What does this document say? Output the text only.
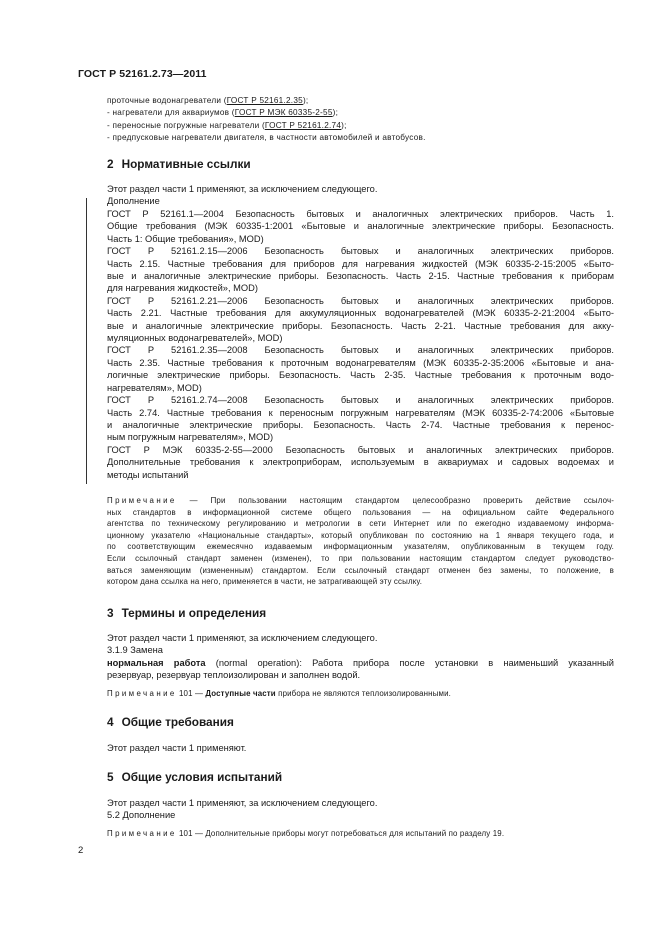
ГОСТ Р 52161.2.73—2011
проточные водонагреватели (ГОСТ Р 52161.2.35);
- нагреватели для аквариумов (ГОСТ Р МЭК 60335-2-55);
- переносные погружные нагреватели (ГОСТ Р 52161.2.74);
- предпусковые нагреватели двигателя, в частности автомобилей и автобусов.
2 Нормативные ссылки
Этот раздел части 1 применяют, за исключением следующего.
Дополнение
ГОСТ Р 52161.1—2004 Безопасность бытовых и аналогичных электрических приборов. Часть 1.
Общие требования (МЭК 60335-1:2001 «Бытовые и аналогичные электрические приборы. Безопасность.
Часть 1: Общие требования», MOD)
ГОСТ Р 52161.2.15—2006 Безопасность бытовых и аналогичных электрических приборов.
Часть 2.15. Частные требования для приборов для нагревания жидкостей (МЭК 60335-2-15:2005 «Быто-
вые и аналогичные электрические приборы. Безопасность. Часть 2-15. Частные требования к приборам
для нагревания жидкостей», MOD)
ГОСТ Р 52161.2.21—2006 Безопасность бытовых и аналогичных электрических приборов.
Часть 2.21. Частные требования для аккумуляционных водонагревателей (МЭК 60335-2-21:2004 «Быто-
вые и аналогичные электрические приборы. Безопасность. Часть 2-21. Частные требования для акку-
муляционных водонагревателей», MOD)
ГОСТ Р 52161.2.35—2008 Безопасность бытовых и аналогичных электрических приборов.
Часть 2.35. Частные требования к проточным водонагревателям (МЭК 60335-2-35:2006 «Бытовые и ана-
логичные электрические приборы. Безопасность. Часть 2-35. Частные требования к проточным водо-
нагревателям», MOD)
ГОСТ Р 52161.2.74—2008 Безопасность бытовых и аналогичных электрических приборов.
Часть 2.74. Частные требования к переносным погружным нагревателям (МЭК 60335-2-74:2006 «Бытовые
и аналогичные электрические приборы. Безопасность. Часть 2-74. Частные требования к перенос-
ным погружным нагревателям», MOD)
ГОСТ Р МЭК 60335-2-55—2000 Безопасность бытовых и аналогичных электрических приборов.
Дополнительные требования к электроприборам, используемым в аквариумах и садовых водоемах и
методы испытаний
Примечание — При пользовании настоящим стандартом целесообразно проверить действие ссылоч-
ных стандартов в информационной системе общего пользования — на официальном сайте Федерального
агентства по техническому регулированию и метрологии в сети Интернет или по ежегодно издаваемому информа-
ционному указателю «Национальные стандарты», который опубликован по состоянию на 1 января текущего года, и
по соответствующим ежемесячно издаваемым информационным указателям, опубликованным в текущем году.
Если ссылочный стандарт заменен (изменен), то при пользовании настоящим стандартом следует руководство-
ваться заменяющим (измененным) стандартом. Если ссылочный стандарт отменен без замены, то положение, в
котором дана ссылка на него, применяется в части, не затрагивающей эту ссылку.
3 Термины и определения
Этот раздел части 1 применяют, за исключением следующего.
3.1.9 Замена
нормальная работа (normal operation): Работа прибора после установки в наименьший указанный
резервуар, резервуар теплоизолирован и заполнен водой.
Примечание 101 — Доступные части прибора не являются теплоизолированными.
4 Общие требования
Этот раздел части 1 применяют.
5 Общие условия испытаний
Этот раздел части 1 применяют, за исключением следующего.
5.2 Дополнение
Примечание 101 — Дополнительные приборы могут потребоваться для испытаний по разделу 19.
2
